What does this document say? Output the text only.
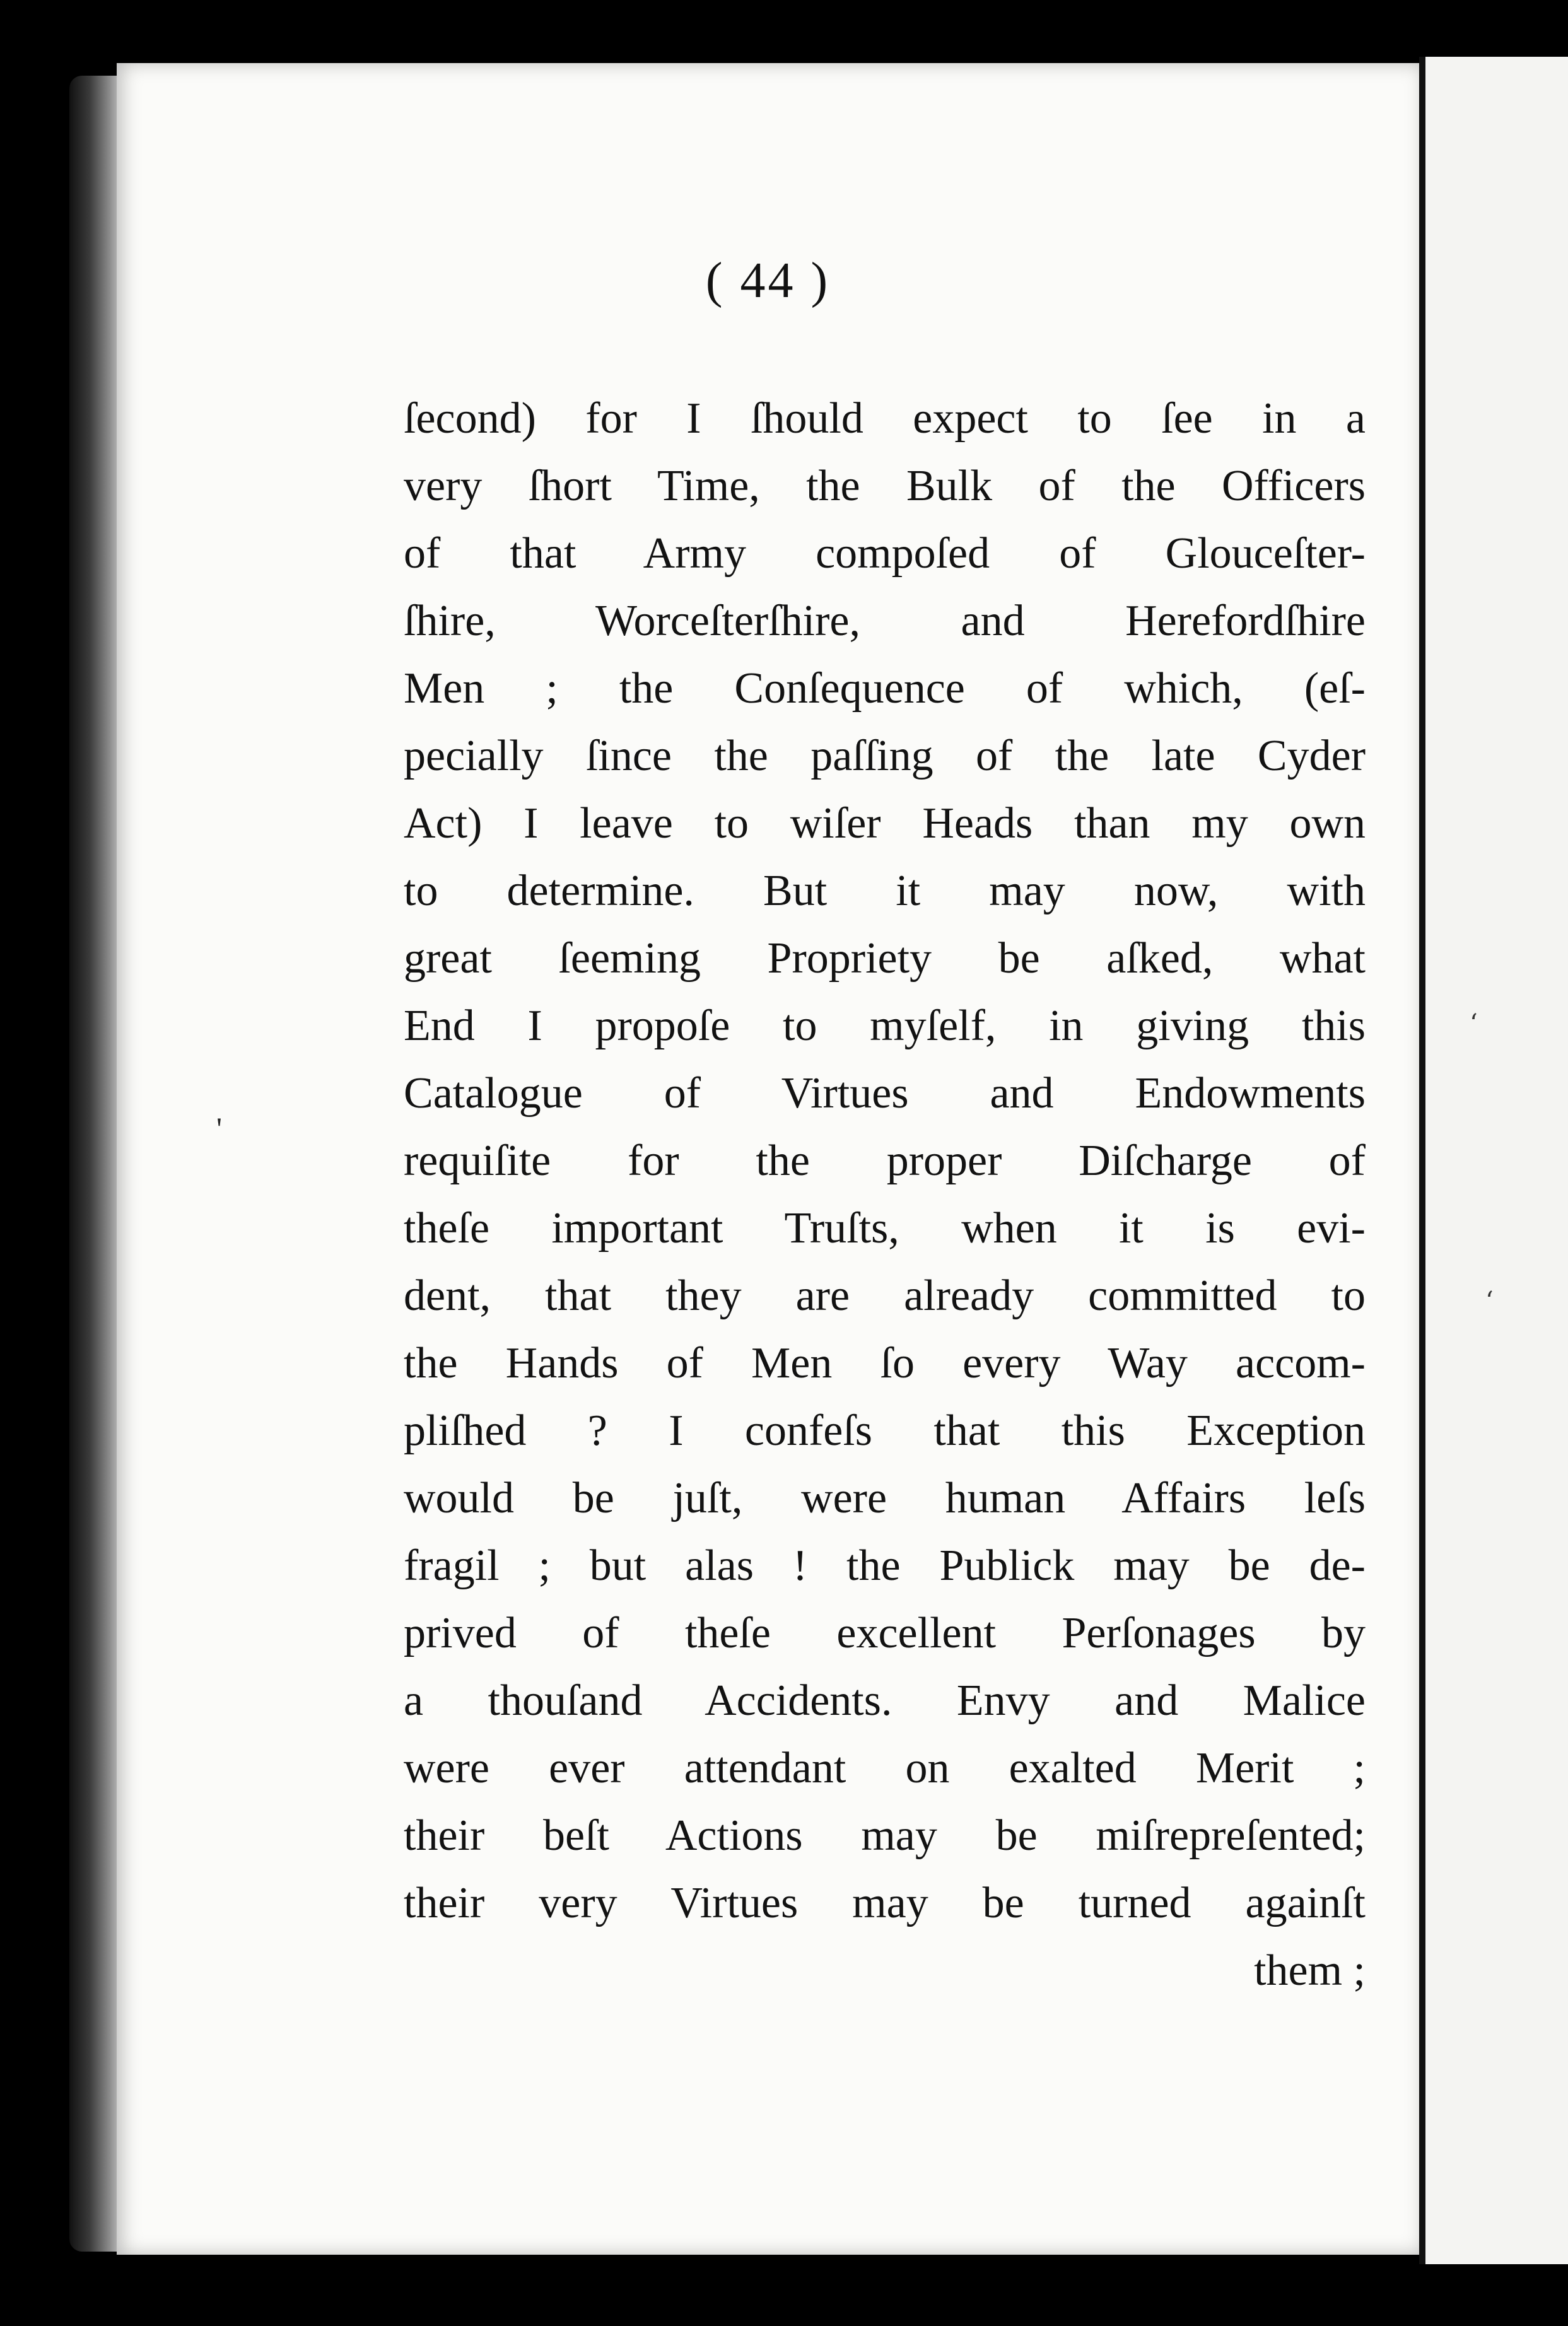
( 44 )
ſecond) for I ſhould expect to ſee in a
very ſhort Time, the Bulk of the Officers
of that Army compoſed of Glouceſter-
ſhire, Worceſterſhire, and Herefordſhire
Men ; the Conſequence of which, (eſ-
pecially ſince the paſſing of the late Cyder
Act) I leave to wiſer Heads than my own
to determine. But it may now, with
great ſeeming Propriety be aſked, what
End I propoſe to myſelf, in giving this
Catalogue of Virtues and Endowments
requiſite for the proper Diſcharge of
theſe important Truſts, when it is evi-
dent, that they are already committed to
the Hands of Men ſo every Way accom-
pliſhed ? I confeſs that this Exception
would be juſt, were human Affairs leſs
fragil ; but alas ! the Publick may be de-
prived of theſe excellent Perſonages by
a thouſand Accidents. Envy and Malice
were ever attendant on exalted Merit ;
their beſt Actions may be miſrepreſented;
their very Virtues may be turned againſt
them ;
'
‘
‘
